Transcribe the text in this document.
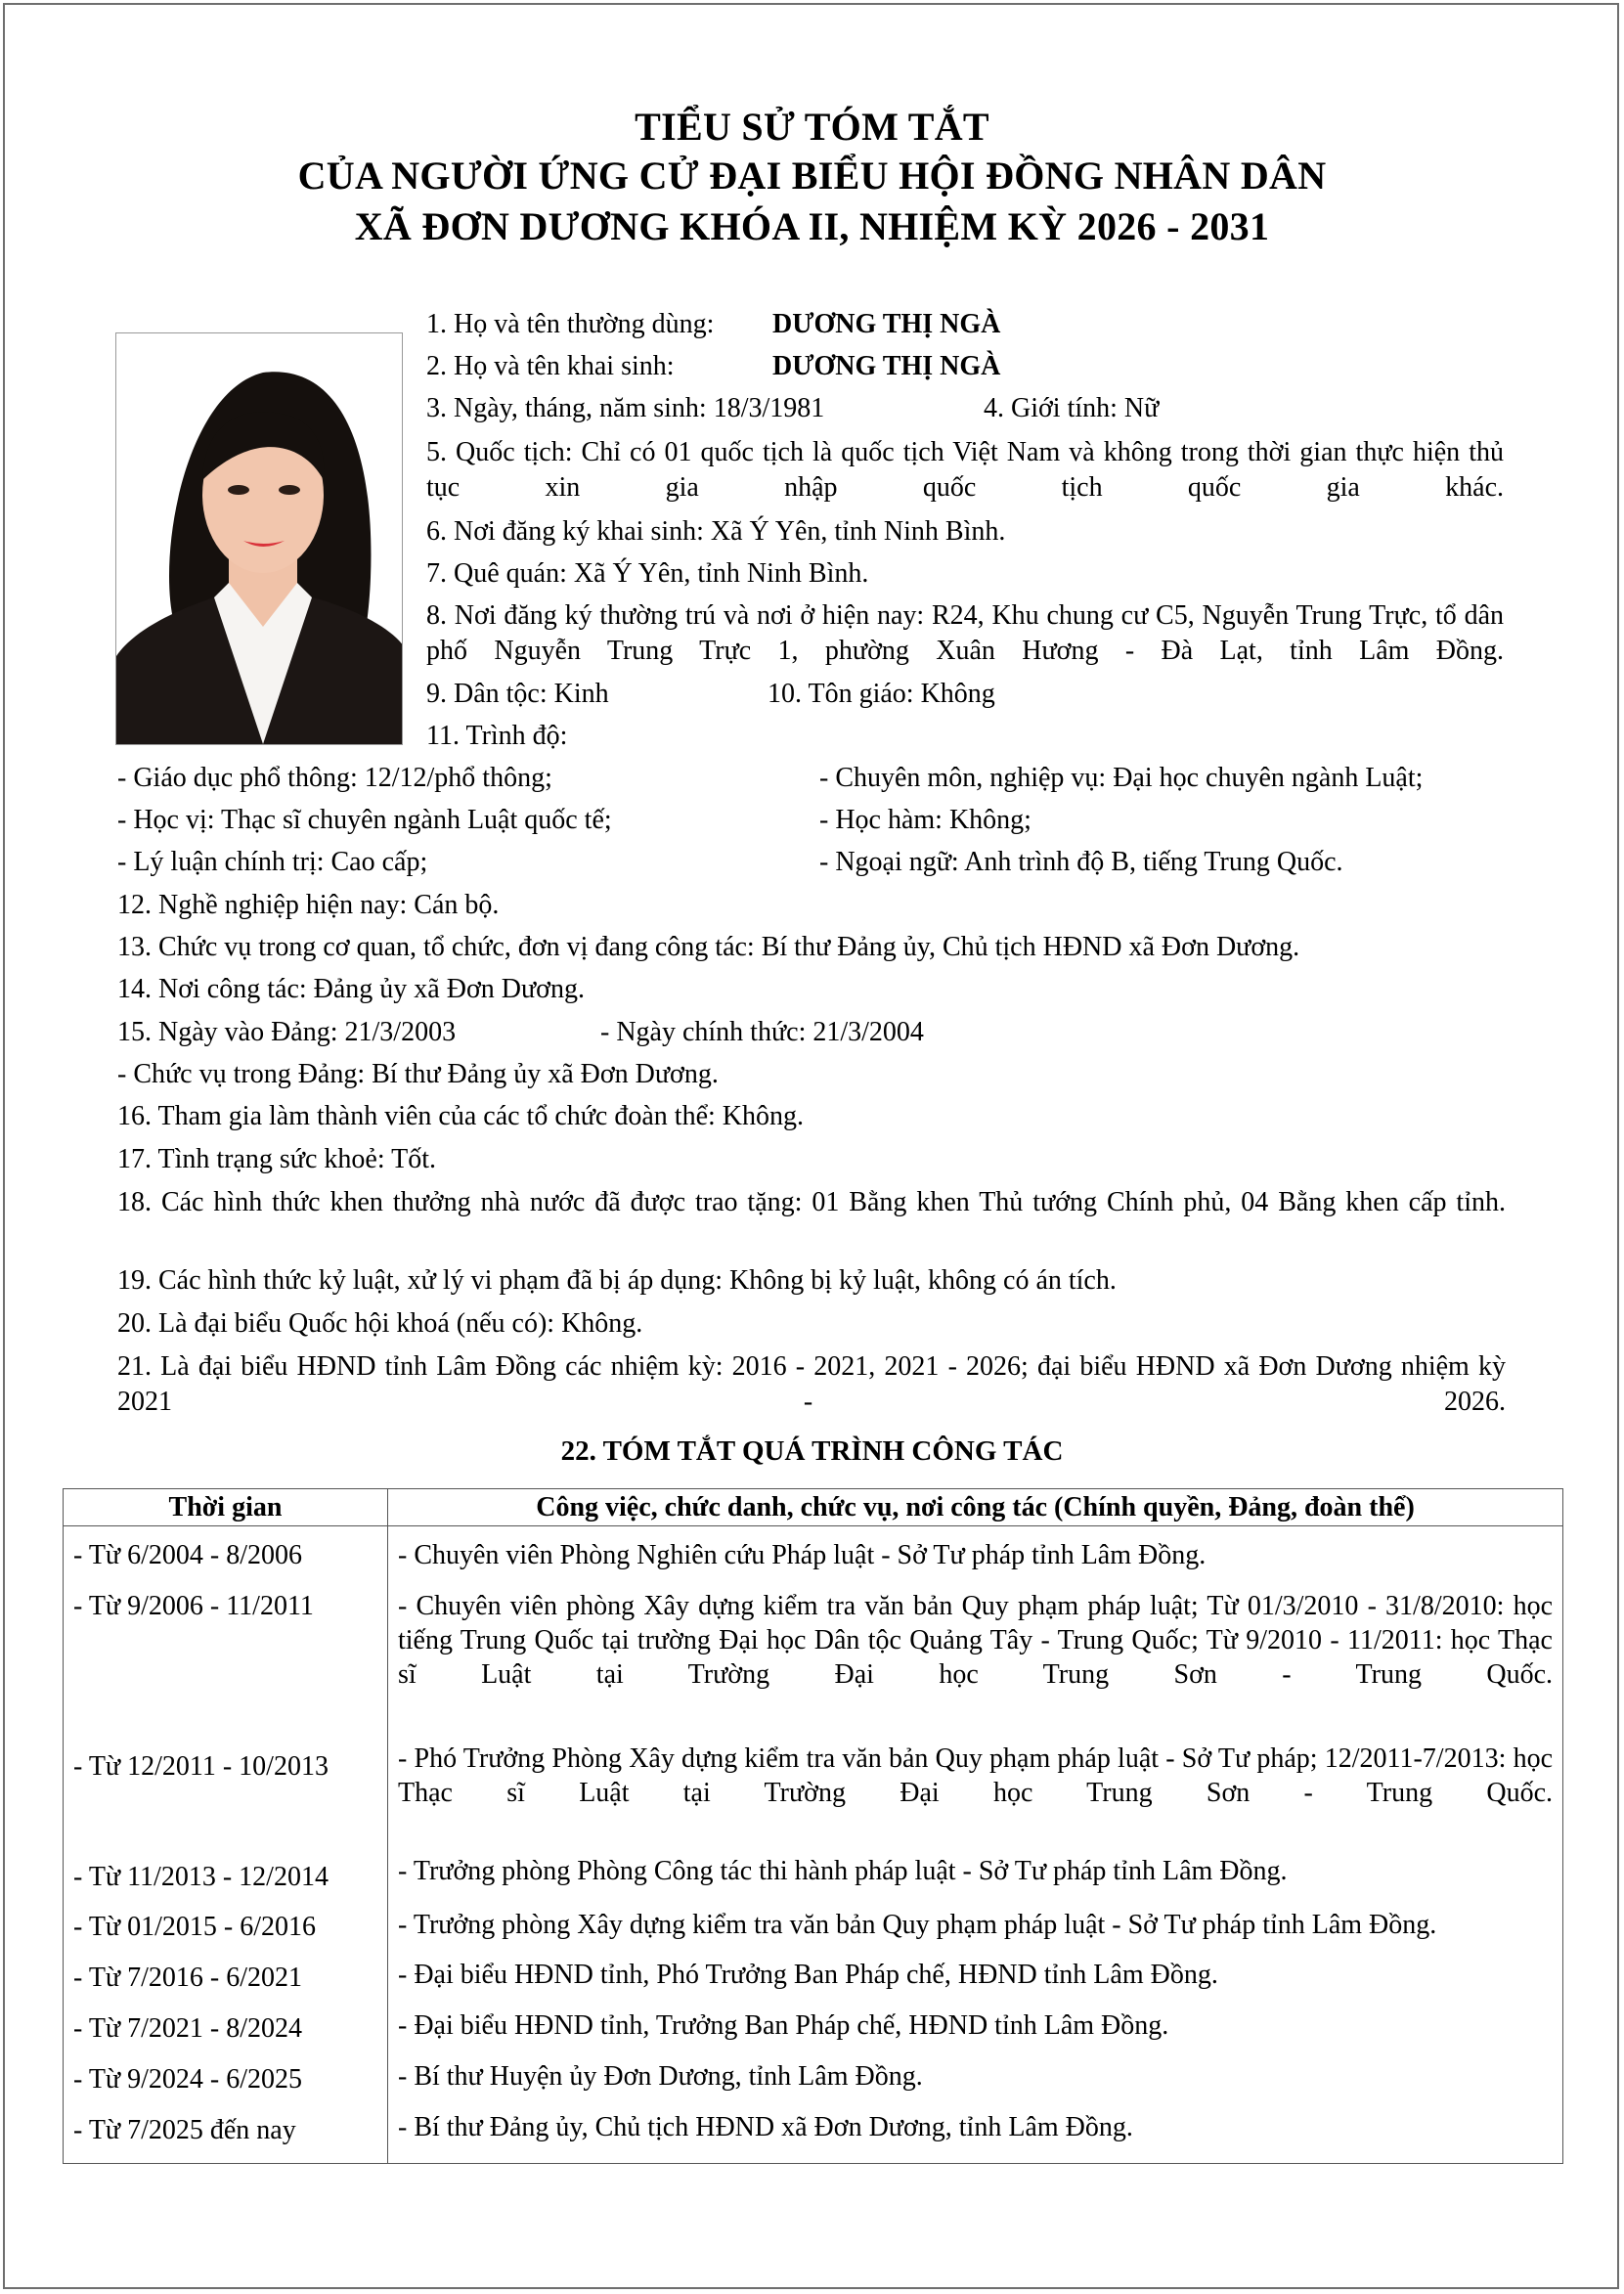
TIỂU SỬ TÓM TẮT
CỦA NGƯỜI ỨNG CỬ ĐẠI BIỂU HỘI ĐỒNG NHÂN DÂN
XÃ ĐƠN DƯƠNG KHÓA II, NHIỆM KỲ 2026 - 2031
1. Họ và tên thường dùng: DƯƠNG THỊ NGÀ
2. Họ và tên khai sinh:	DƯƠNG THỊ NGÀ
3. Ngày, tháng, năm sinh: 18/3/1981	4. Giới tính: Nữ
5. Quốc tịch: Chỉ có 01 quốc tịch là quốc tịch Việt Nam và không trong thời gian thực hiện thủ tục xin gia nhập quốc tịch quốc gia khác.
6. Nơi đăng ký khai sinh: Xã Ý Yên, tỉnh Ninh Bình.
7. Quê quán: Xã Ý Yên, tỉnh Ninh Bình.
8. Nơi đăng ký thường trú và nơi ở hiện nay: R24, Khu chung cư C5, Nguyễn Trung Trực, tổ dân phố Nguyễn Trung Trực 1, phường Xuân Hương - Đà Lạt, tỉnh Lâm Đồng.
9. Dân tộc: Kinh	10. Tôn giáo: Không
11. Trình độ:
- Giáo dục phổ thông: 12/12/phổ thông;	- Chuyên môn, nghiệp vụ: Đại học chuyên ngành Luật;
- Học vị: Thạc sĩ chuyên ngành Luật quốc tế;	- Học hàm: Không;
- Lý luận chính trị: Cao cấp;	- Ngoại ngữ: Anh trình độ B, tiếng Trung Quốc.
12. Nghề nghiệp hiện nay: Cán bộ.
13. Chức vụ trong cơ quan, tổ chức, đơn vị đang công tác: Bí thư Đảng ủy, Chủ tịch HĐND xã Đơn Dương.
14. Nơi công tác: Đảng ủy xã Đơn Dương.
15. Ngày vào Đảng: 21/3/2003	- Ngày chính thức: 21/3/2004
- Chức vụ trong Đảng: Bí thư Đảng ủy xã Đơn Dương.
16. Tham gia làm thành viên của các tổ chức đoàn thể: Không.
17. Tình trạng sức khoẻ: Tốt.
18. Các hình thức khen thưởng nhà nước đã được trao tặng: 01 Bằng khen Thủ tướng Chính phủ, 04 Bằng khen cấp tỉnh.
19. Các hình thức kỷ luật, xử lý vi phạm đã bị áp dụng: Không bị kỷ luật, không có án tích.
20. Là đại biểu Quốc hội khoá (nếu có): Không.
21. Là đại biểu HĐND tỉnh Lâm Đồng các nhiệm kỳ: 2016 - 2021, 2021 - 2026; đại biểu HĐND xã Đơn Dương nhiệm kỳ 2021 - 2026.
22. TÓM TẮT QUÁ TRÌNH CÔNG TÁC
Thời gian	Công việc, chức danh, chức vụ, nơi công tác (Chính quyền, Đảng, đoàn thể)
- Từ 6/2004 - 8/2006	- Chuyên viên Phòng Nghiên cứu Pháp luật - Sở Tư pháp tỉnh Lâm Đồng.
- Từ 9/2006 - 11/2011	- Chuyên viên phòng Xây dựng kiểm tra văn bản Quy phạm pháp luật; Từ 01/3/2010 - 31/8/2010: học tiếng Trung Quốc tại trường Đại học Dân tộc Quảng Tây - Trung Quốc; Từ 9/2010 - 11/2011: học Thạc sĩ Luật tại Trường Đại học Trung Sơn - Trung Quốc.
- Từ 12/2011 - 10/2013	- Phó Trưởng Phòng Xây dựng kiểm tra văn bản Quy phạm pháp luật - Sở Tư pháp; 12/2011-7/2013: học Thạc sĩ Luật tại Trường Đại học Trung Sơn - Trung Quốc.
- Từ 11/2013 - 12/2014	- Trưởng phòng Phòng Công tác thi hành pháp luật - Sở Tư pháp tỉnh Lâm Đồng.
- Từ 01/2015 - 6/2016	- Trưởng phòng Xây dựng kiểm tra văn bản Quy phạm pháp luật - Sở Tư pháp tỉnh Lâm Đồng.
- Từ 7/2016 - 6/2021	- Đại biểu HĐND tỉnh, Phó Trưởng Ban Pháp chế, HĐND tỉnh Lâm Đồng.
- Từ 7/2021 - 8/2024	- Đại biểu HĐND tỉnh, Trưởng Ban Pháp chế, HĐND tỉnh Lâm Đồng.
- Từ 9/2024 - 6/2025	- Bí thư Huyện ủy Đơn Dương, tỉnh Lâm Đồng.
- Từ 7/2025 đến nay	- Bí thư Đảng ủy, Chủ tịch HĐND xã Đơn Dương, tỉnh Lâm Đồng.
